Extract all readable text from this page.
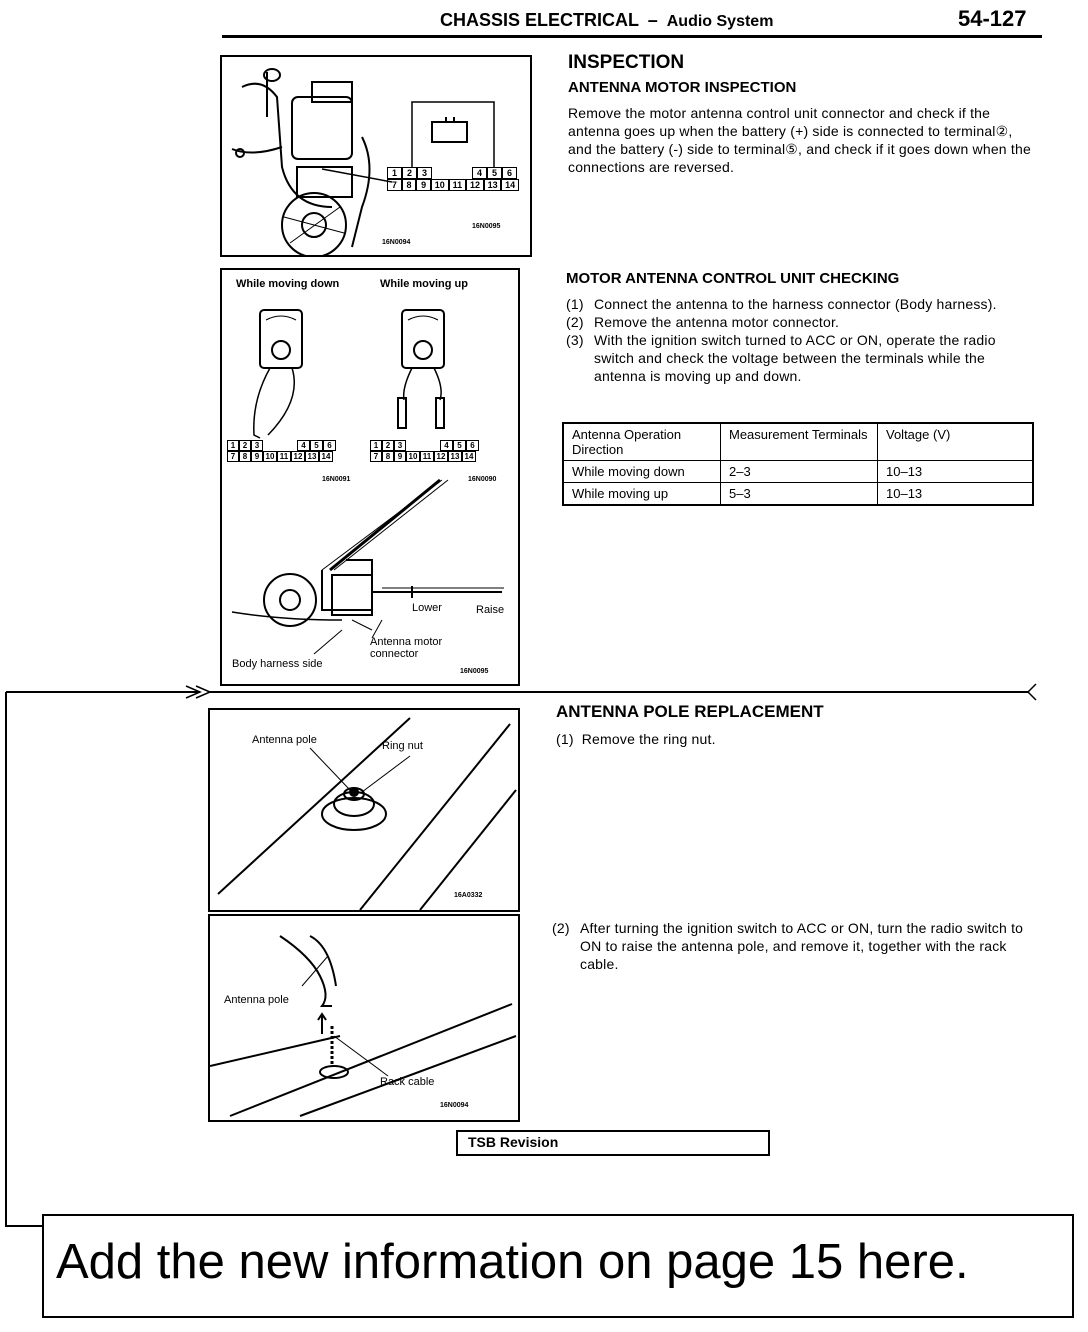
CHASSIS ELECTRICAL – Audio System	54-127
1	2	3	4	5	6
7	8	9 10 11 12 13 14
16N0095
16N0094
INSPECTION
ANTENNA MOTOR INSPECTION
Remove the motor antenna control unit connector and check if the antenna goes up when the battery (+) side is connected to terminal②, and the battery (-) side to terminal⑤, and check if it goes down when the connections are reversed.
While moving down	While moving up
1 2 3	4	5	6
7 8 9 10 11 12 13 14
1 2 3	4	5	6
7 8 9 10 11 12 13 14
16N0091	16N0090
Lower	Raise
Antenna motor connector
Body harness side
16N0095
MOTOR ANTENNA CONTROL UNIT CHECKING
(1) Connect the antenna to the harness connector (Body harness).
(2) Remove the antenna motor connector.
(3) With the ignition switch turned to ACC or ON, operate the radio switch and check the voltage between the terminals while the antenna is moving up and down.
Antenna Operation Direction	Measurement Terminals	Voltage (V)
While moving down	2–3	10–13
While moving up	5–3	10–13
Antenna pole	Ring nut
16A0332
ANTENNA POLE REPLACEMENT
(1) Remove the ring nut.
(2) After turning the ignition switch to ACC or ON, turn the radio switch to ON to raise the antenna pole, and remove it, together with the rack cable.
Antenna pole
Rack cable
16N0094
TSB Revision
Add the new information on page 15 here.
